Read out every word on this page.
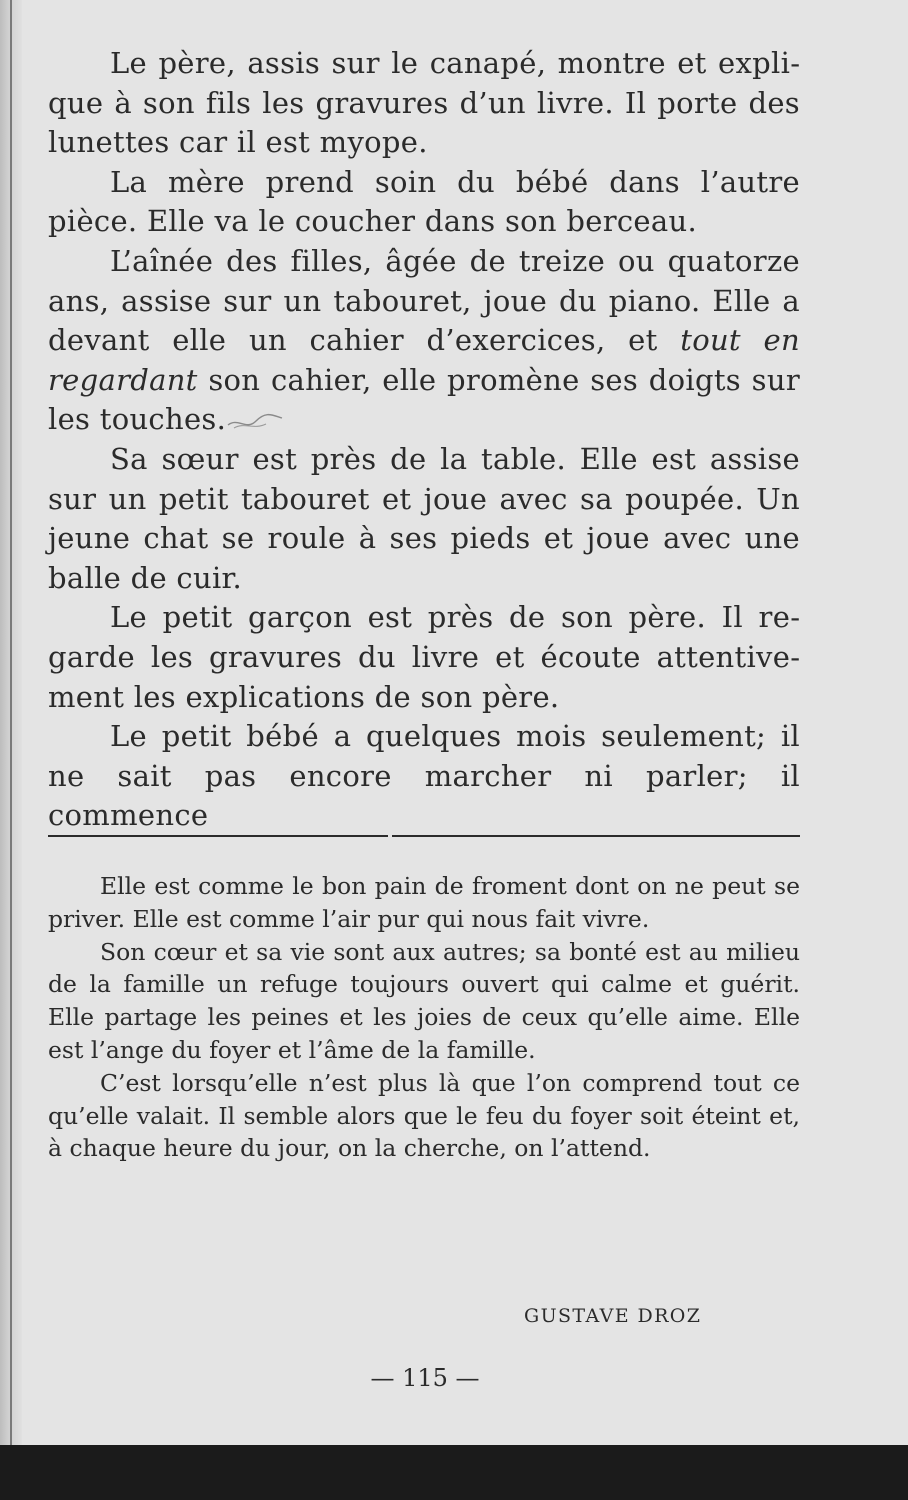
Le père, assis sur le canapé, montre et explique à son fils les gravures d’un livre. Il porte des lunettes car il est myope.

La mère prend soin du bébé dans l’autre pièce. Elle va le coucher dans son berceau.

L’aînée des filles, âgée de treize ou quatorze ans, assise sur un tabouret, joue du piano. Elle a devant elle un cahier d’exercices, et tout en regardant son cahier, elle promène ses doigts sur les touches.

Sa sœur est près de la table. Elle est assise sur un petit tabouret et joue avec sa poupée. Un jeune chat se roule à ses pieds et joue avec une balle de cuir.

Le petit garçon est près de son père. Il regarde les gravures du livre et écoute attentivement les explications de son père.

Le petit bébé a quelques mois seulement; il ne sait pas encore marcher ni parler; il commence

Elle est comme le bon pain de froment dont on ne peut se priver. Elle est comme l’air pur qui nous fait vivre.

Son cœur et sa vie sont aux autres; sa bonté est au milieu de la famille un refuge toujours ouvert qui calme et guérit. Elle partage les peines et les joies de ceux qu’elle aime. Elle est l’ange du foyer et l’âme de la famille.

C’est lorsqu’elle n’est plus là que l’on comprend tout ce qu’elle valait. Il semble alors que le feu du foyer soit éteint et, à chaque heure du jour, on la cherche, on l’attend.

GUSTAVE DROZ
— 115 —
